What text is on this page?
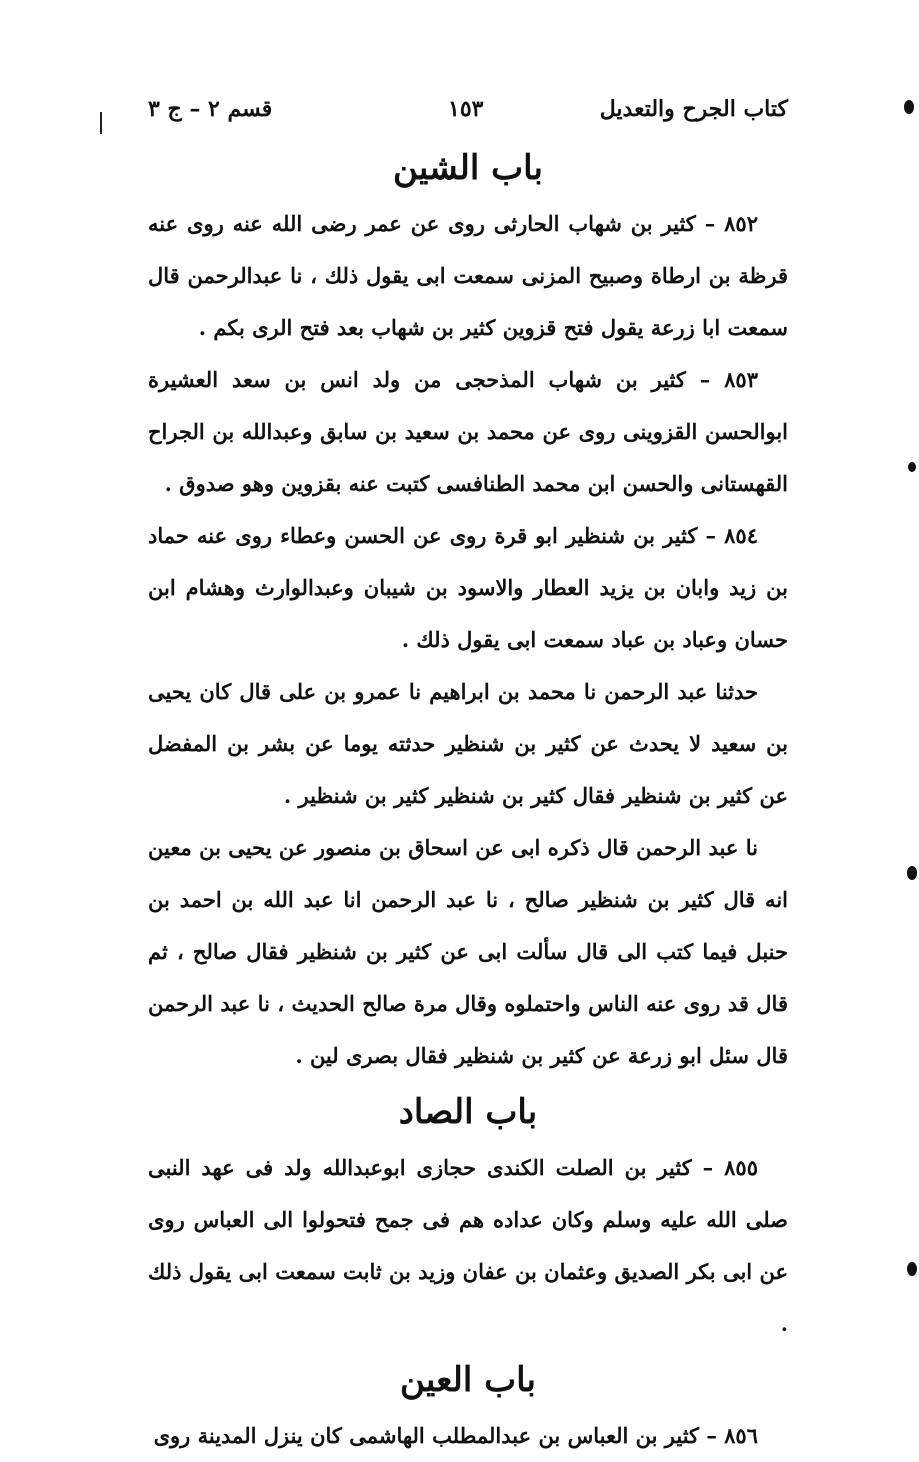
كتاب الجرح والتعديل
١٥٣
قسم ٢ – ج ٣
باب الشين

٨٥٢ – كثير بن شهاب الحارثى روى عن عمر رضى الله عنه روى عنه قرظة بن ارطاة وصبيح المزنى سمعت ابى يقول ذلك ، نا عبدالرحمن قال سمعت ابا زرعة يقول فتح قزوين كثير بن شهاب بعد فتح الرى بكم .

٨٥٣ – كثير بن شهاب المذحجى من ولد انس بن سعد العشيرة ابوالحسن القزوينى روى عن محمد بن سعيد بن سابق وعبدالله بن الجراح القهستانى والحسن ابن محمد الطنافسى كتبت عنه بقزوين وهو صدوق .

٨٥٤ – كثير بن شنظير ابو قرة روى عن الحسن وعطاء روى عنه حماد بن زيد وابان بن يزيد العطار والاسود بن شيبان وعبدالوارث وهشام ابن حسان وعباد بن عباد سمعت ابى يقول ذلك .

حدثنا عبد الرحمن نا محمد بن ابراهيم نا عمرو بن على قال كان يحيى بن سعيد لا يحدث عن كثير بن شنظير حدثته يوما عن بشر بن المفضل عن كثير بن شنظير فقال كثير بن شنظير كثير بن شنظير .

نا عبد الرحمن قال ذكره ابى عن اسحاق بن منصور عن يحيى بن معين انه قال كثير بن شنظير صالح ، نا عبد الرحمن انا عبد الله بن احمد بن حنبل فيما كتب الى قال سألت ابى عن كثير بن شنظير فقال صالح ، ثم قال قد روى عنه الناس واحتملوه وقال مرة صالح الحديث ، نا عبد الرحمن قال سئل ابو زرعة عن كثير بن شنظير فقال بصرى لين .

باب الصاد

٨٥٥ – كثير بن الصلت الكندى حجازى ابوعبدالله ولد فى عهد النبى صلى الله عليه وسلم وكان عداده هم فى جمح فتحولوا الى العباس روى عن ابى بكر الصديق وعثمان بن عفان وزيد بن ثابت سمعت ابى يقول ذلك .

باب العين

٨٥٦ – كثير بن العباس بن عبدالمطلب الهاشمى كان ينزل المدينة روى
